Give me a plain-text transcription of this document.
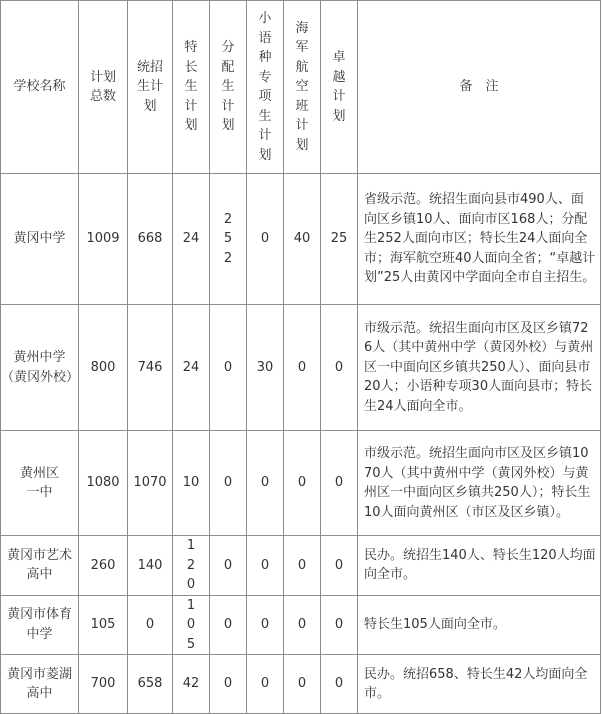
学校名称	计划总数	统招生计划	特长生计划	分配生计划	小语种专项生计划	海军航空班计划	卓越计划	备　注
黄冈中学	1009	668	24	252	0	40	25	省级示范。统招生面向县市490人、面向区乡镇10人、面向市区168人；分配生252人面向市区；特长生24人面向全市；海军航空班40人面向全省；“卓越计划”25人由黄冈中学面向全市自主招生。
黄州中学（黄冈外校）	800	746	24	0	30	0	0	市级示范。统招生面向市区及区乡镇726人（其中黄州中学（黄冈外校）与黄州区一中面向区乡镇共250人）、面向县市20人；小语种专项30人面向县市；特长生24人面向全市。
黄州区一中	1080	1070	10	0	0	0	0	市级示范。统招生面向市区及区乡镇1070人（其中黄州中学（黄冈外校）与黄州区一中面向区乡镇共250人）；特长生10人面向黄州区（市区及区乡镇）。
黄冈市艺术高中	260	140	120	0	0	0	0	民办。统招生140人、特长生120人均面向全市。
黄冈市体育中学	105	0	105	0	0	0	0	特长生105人面向全市。
黄冈市菱湖高中	700	658	42	0	0	0	0	民办。统招658、特长生42人均面向全市。
